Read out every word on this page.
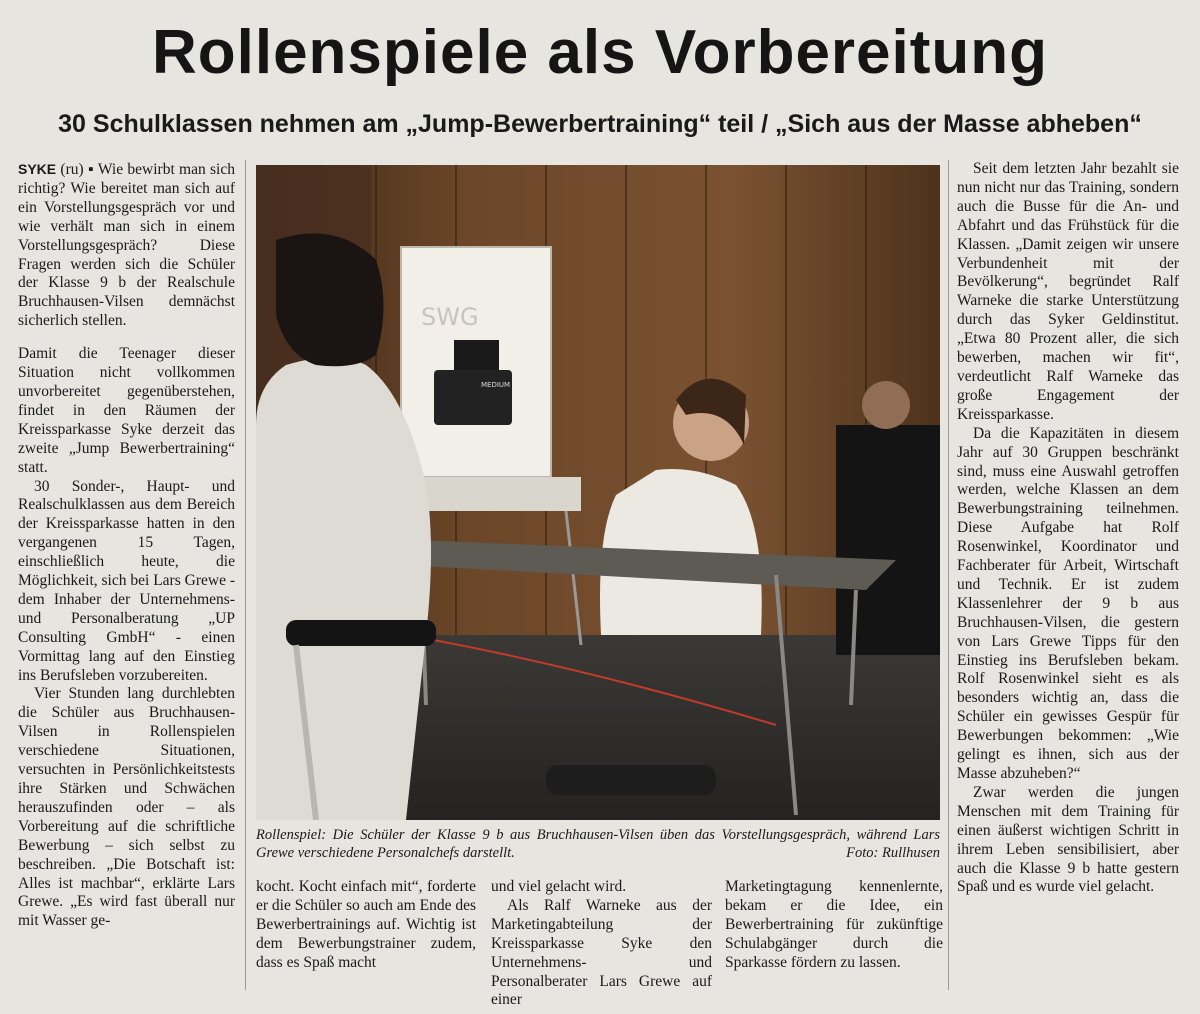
Rollenspiele als Vorbereitung
30 Schulklassen nehmen am „Jump-Bewerbertraining“ teil / „Sich aus der Masse abheben“

SYKE (ru) ▪ Wie bewirbt man sich richtig? Wie bereitet man sich auf ein Vorstellungsgespräch vor und wie verhält man sich in einem Vorstellungsgespräch? Diese Fragen werden sich die Schüler der Klasse 9 b der Realschule Bruchhausen-Vilsen demnächst sicherlich stellen.

Damit die Teenager dieser Situation nicht vollkommen unvorbereitet gegenüberstehen, findet in den Räumen der Kreissparkasse Syke derzeit das zweite „Jump Bewerbertraining“ statt.

30 Sonder-, Haupt- und Realschulklassen aus dem Bereich der Kreissparkasse hatten in den vergangenen 15 Tagen, einschließlich heute, die Möglichkeit, sich bei Lars Grewe - dem Inhaber der Unternehmens- und Personalberatung „UP Consulting GmbH“ - einen Vormittag lang auf den Einstieg ins Berufsleben vorzubereiten.

Vier Stunden lang durchlebten die Schüler aus Bruchhausen-Vilsen in Rollenspielen verschiedene Situationen, versuchten in Persönlichkeitstests ihre Stärken und Schwächen herauszufinden oder – als Vorbereitung auf die schriftliche Bewerbung – sich selbst zu beschreiben. „Die Botschaft ist: Alles ist machbar“, erklärte Lars Grewe. „Es wird fast überall nur mit Wasser ge-

SWG
MEDIUM

Rollenspiel: Die Schüler der Klasse 9 b aus Bruchhausen-Vilsen üben das Vorstellungsgespräch, während Lars Grewe verschiedene Personalchefs darstellt.	Foto: Rullhusen

kocht. Kocht einfach mit“, forderte er die Schüler so auch am Ende des Bewerbertrainings auf. Wichtig ist dem Bewerbungstrainer zudem, dass es Spaß macht

und viel gelacht wird.

Als Ralf Warneke aus der Marketingabteilung der Kreissparkasse Syke den Unternehmens- und Personalberater Lars Grewe auf einer

Marketingtagung kennenlernte, bekam er die Idee, ein Bewerbertraining für zukünftige Schulabgänger durch die Sparkasse fördern zu lassen.

Seit dem letzten Jahr bezahlt sie nun nicht nur das Training, sondern auch die Busse für die An- und Abfahrt und das Frühstück für die Klassen. „Damit zeigen wir unsere Verbundenheit mit der Bevölkerung“, begründet Ralf Warneke die starke Unterstützung durch das Syker Geldinstitut. „Etwa 80 Prozent aller, die sich bewerben, machen wir fit“, verdeutlicht Ralf Warneke das große Engagement der Kreissparkasse.

Da die Kapazitäten in diesem Jahr auf 30 Gruppen beschränkt sind, muss eine Auswahl getroffen werden, welche Klassen an dem Bewerbungstraining teilnehmen. Diese Aufgabe hat Rolf Rosenwinkel, Koordinator und Fachberater für Arbeit, Wirtschaft und Technik. Er ist zudem Klassenlehrer der 9 b aus Bruchhausen-Vilsen, die gestern von Lars Grewe Tipps für den Einstieg ins Berufsleben bekam. Rolf Rosenwinkel sieht es als besonders wichtig an, dass die Schüler ein gewisses Gespür für Bewerbungen bekommen: „Wie gelingt es ihnen, sich aus der Masse abzuheben?“

Zwar werden die jungen Menschen mit dem Training für einen äußerst wichtigen Schritt in ihrem Leben sensibilisiert, aber auch die Klasse 9 b hatte gestern Spaß und es wurde viel gelacht.
